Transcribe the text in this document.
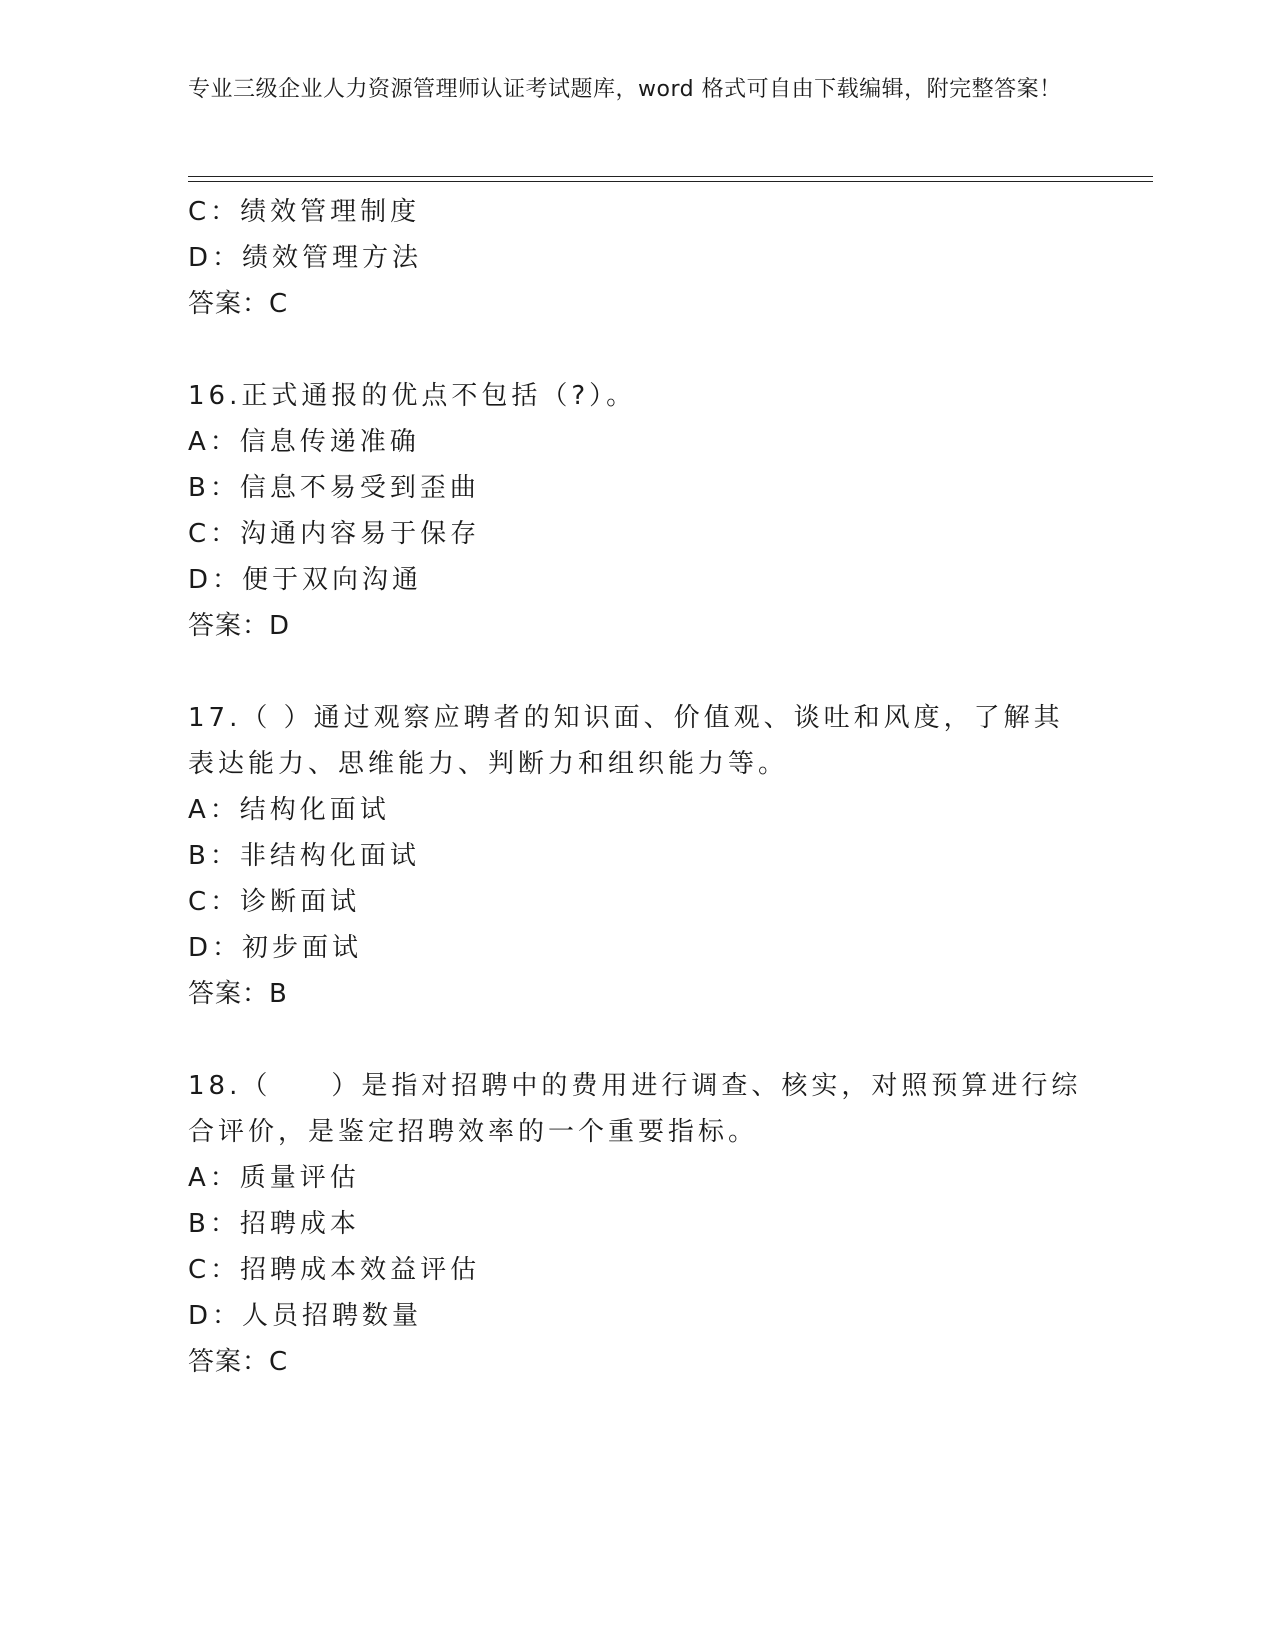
专业三级企业人力资源管理师认证考试题库，word 格式可自由下载编辑，附完整答案！
C：绩效管理制度
D：绩效管理方法
答案：C
16.正式通报的优点不包括（?）。
A：信息传递准确
B：信息不易受到歪曲
C：沟通内容易于保存
D：便于双向沟通
答案：D
17.（ ）通过观察应聘者的知识面、价值观、谈吐和风度，了解其表达能力、思维能力、判断力和组织能力等。
A：结构化面试
B：非结构化面试
C：诊断面试
D：初步面试
答案：B
18.（　　）是指对招聘中的费用进行调查、核实，对照预算进行综合评价，是鉴定招聘效率的一个重要指标。
A：质量评估
B：招聘成本
C：招聘成本效益评估
D：人员招聘数量
答案：C
